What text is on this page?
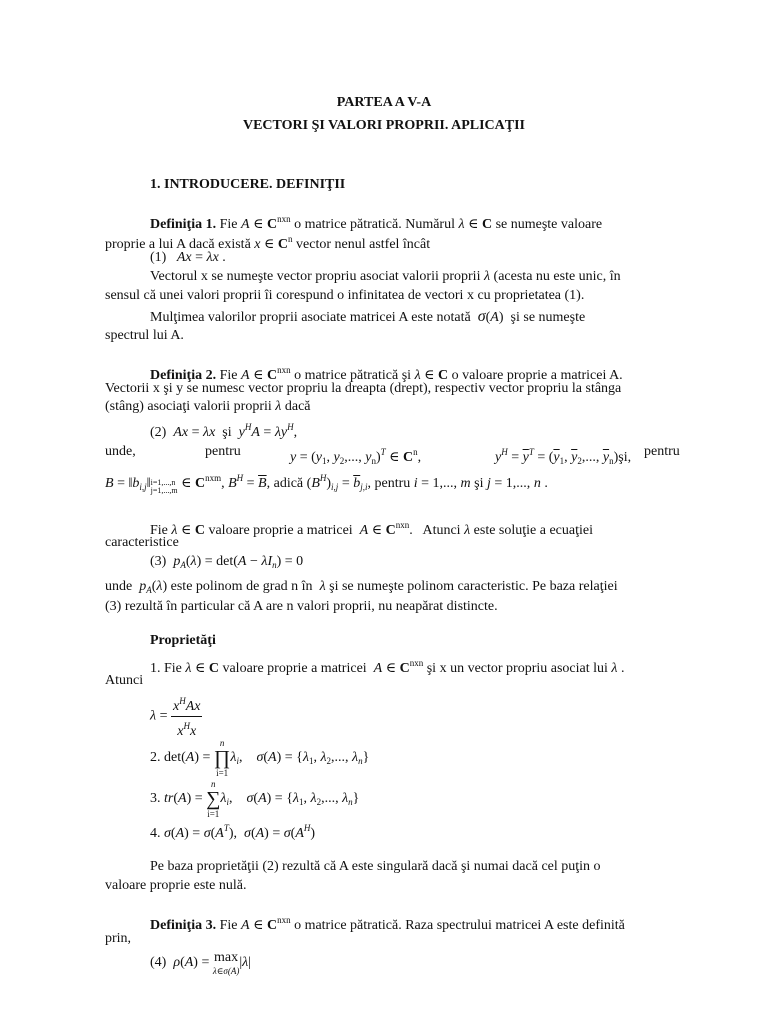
PARTEA A V-A
VECTORI ŞI VALORI PROPRII. APLICAŢII
1. INTRODUCERE. DEFINIŢII
Definiţia 1. Fie A ∈ $C^{nxn}$ o matrice pătratică. Numărul λ ∈ C se numeşte valoare
proprie a lui A dacă există x ∈ $C^n$ vector nenul astfel încât
(1) Ax = λx .
Vectorul x se numeşte vector propriu asociat valorii proprii λ (acesta nu este unic, în
sensul că unei valori proprii îi corespund o infinitatea de vectori x cu proprietatea (1).
Mulţimea valorilor proprii asociate matricei A este notată σ(A)  şi se numeşte
spectrul lui A.
Definiţia 2. Fie A ∈ $C^{nxn}$ o matrice pătratică şi λ ∈ C o valoare proprie a matricei A.
Vectorii x şi y se numesc vector propriu la dreapta (drept), respectiv vector propriu la stânga
(stâng) asociaţi valorii proprii λ dacă
(2) Ax = λx şi $y^HA = \lambda y^H$,
unde,	pentru	$y = (y_1$, $y_2$,..., $y_n)^T$ ∈ $C^n$,	$y^H = \overline{y}^T = (\overline{y}_1$, $\overline{y}_2$,..., $\overline{y}_n)şi$, pentru
$B = ‖b_{i,j}‖i=1,...,n$
j=1,...,m ∈ $C^{nxm}$, $B^H = \overline{B}$, adică $(B^H)_{i,j} = \overline{b}_{j,i}$, pentru i = 1,..., m şi j = 1,..., n .
Fie λ ∈ C valoare proprie a matricei A ∈ $C^{nxn}$.   Atunci λ este soluţie a ecuaţiei
caracteristice
(3) $p_A(\lambda) = \det(A - \lambda I_n) = 0$
unde $p_A(\lambda)$ este polinom de grad n în λ şi se numeşte polinom caracteristic. Pe baza relaţiei
(3) rezultă în particular că A are n valori proprii, nu neapărat distincte.
Proprietăţi
1. Fie λ ∈ C valoare proprie a matricei A ∈ $C^{nxn}$ şi x un vector propriu asociat lui λ .
Atunci
$\lambda = \frac{x^HAx}{x^Hx}$
2. det(A) =
n
∏
i=1
$\lambda_i$,    $\sigma(A) = \{\lambda_1$, $\lambda_2$,..., $\lambda_n$}
3. tr(A) =
n
∑
i=1
$\lambda_i$,    $\sigma(A) = \{\lambda_1$, $\lambda_2$,..., $\lambda_n$}
4. $\sigma(A) = \sigma(A^T)$,  $\sigma(A) = \sigma(A^H)$
Pe baza proprietăţii (2) rezultă că A este singulară dacă şi numai dacă cel puţin o
valoare proprie este nulă.
Definiţia 3. Fie A ∈ $C^{nxn}$ o matrice pătratică. Raza spectrului matricei A este definită
prin,
(4) ρ(A) = max
λ∈σ(A)
|λ|
